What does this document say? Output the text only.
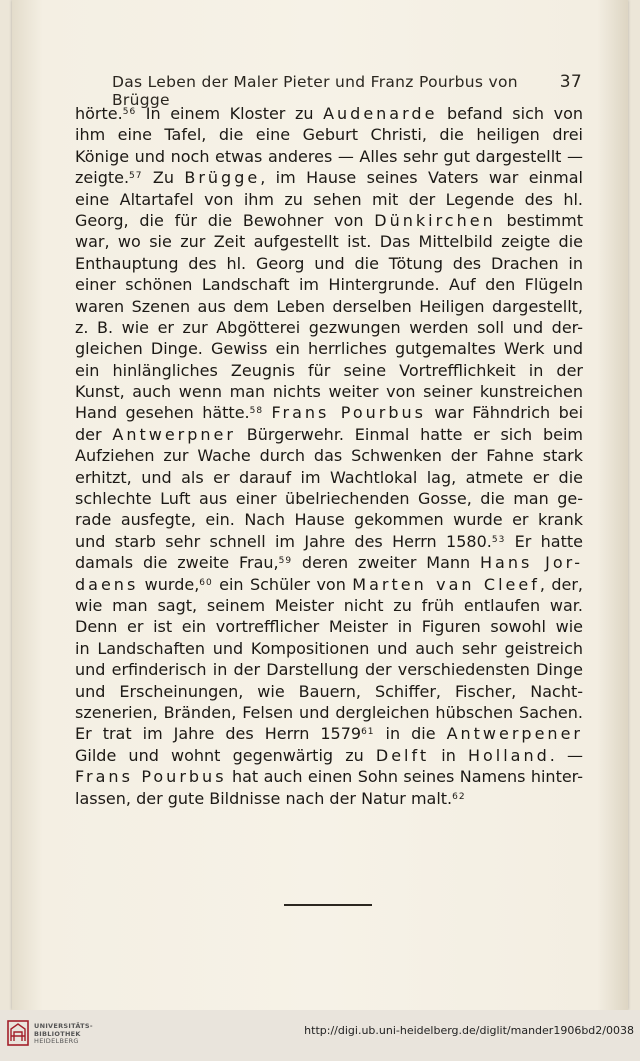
Das Leben der Maler Pieter und Franz Pourbus von Brügge
37
hörte.$^{56}$ In einem Kloster zu Audenarde befand sich von
ihm eine Tafel, die eine Geburt Christi, die heiligen drei
Könige und noch etwas anderes — Alles sehr gut dargestellt —
zeigte.$^{57}$ Zu Brügge, im Hause seines Vaters war einmal
eine Altartafel von ihm zu sehen mit der Legende des hl.
Georg, die für die Bewohner von Dünkirchen bestimmt
war, wo sie zur Zeit aufgestellt ist. Das Mittelbild zeigte die
Enthauptung des hl. Georg und die Tötung des Drachen in
einer schönen Landschaft im Hintergrunde. Auf den Flügeln
waren Szenen aus dem Leben derselben Heiligen dargestellt,
z. B. wie er zur Abgötterei gezwungen werden soll und der-
gleichen Dinge. Gewiss ein herrliches gutgemaltes Werk und
ein hinlängliches Zeugnis für seine Vortrefflichkeit in der
Kunst, auch wenn man nichts weiter von seiner kunstreichen
Hand gesehen hätte.$^{58}$ Frans Pourbus war Fähndrich bei
der Antwerpner Bürgerwehr. Einmal hatte er sich beim
Aufziehen zur Wache durch das Schwenken der Fahne stark
erhitzt, und als er darauf im Wachtlokal lag, atmete er die
schlechte Luft aus einer übelriechenden Gosse, die man ge-
rade ausfegte, ein. Nach Hause gekommen wurde er krank
und starb sehr schnell im Jahre des Herrn 1580.53 Er hatte
damals die zweite Frau,$^{59}$ deren zweiter Mann Hans Jor-
daens wurde,$^{60}$ ein Schüler von Marten van Cleef, der,
wie man sagt, seinem Meister nicht zu früh entlaufen war.
Denn er ist ein vortrefflicher Meister in Figuren sowohl wie
in Landschaften und Kompositionen und auch sehr geistreich
und erfinderisch in der Darstellung der verschiedensten Dinge
und Erscheinungen, wie Bauern, Schiffer, Fischer, Nacht-
szenerien, Bränden, Felsen und dergleichen hübschen Sachen.
Er trat im Jahre des Herrn 1579$^{61}$ in die Antwerpener
Gilde und wohnt gegenwärtig zu Delft in Holland. —
Frans Pourbus hat auch einen Sohn seines Namens hinter-
lassen, der gute Bildnisse nach der Natur malt.$^{62}$
UNIVERSITÄTS-
BIBLIOTHEK
HEIDELBERG
http://digi.ub.uni-heidelberg.de/diglit/mander1906bd2/0038
